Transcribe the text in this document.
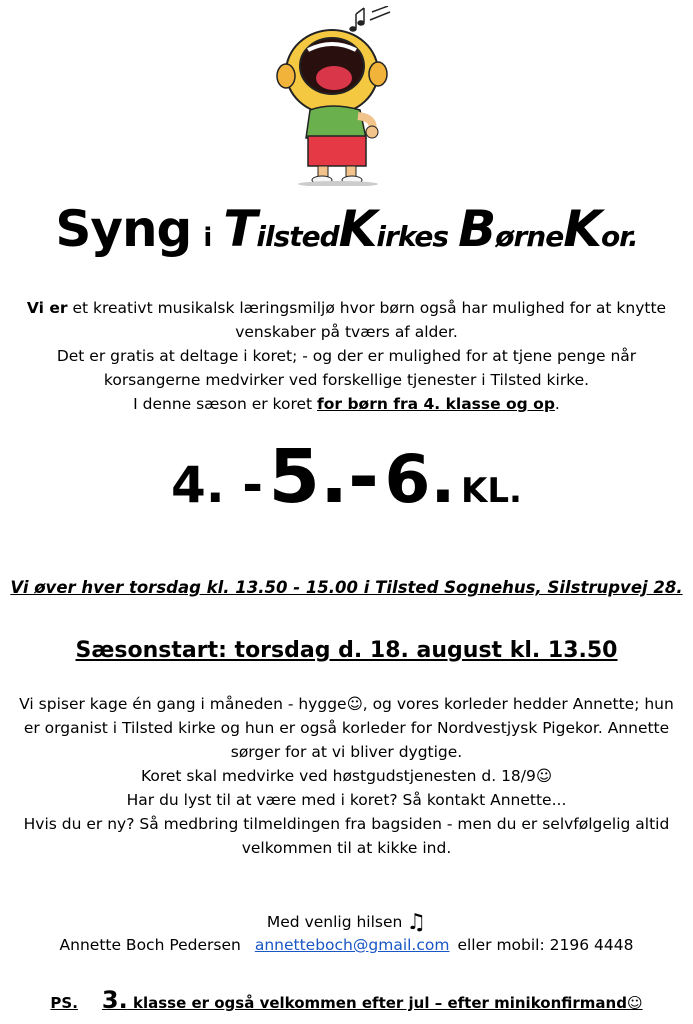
Syng i TilstedKirkes BørneKor.
Vi er et kreativt musikalsk læringsmiljø hvor børn også har mulighed for at knytte
venskaber på tværs af alder.
Det er gratis at deltage i koret; - og der er mulighed for at tjene penge når
korsangerne medvirker ved forskellige tjenester i Tilsted kirke.
I denne sæson er koret for børn fra 4. klasse og op.
4. - 5.- 6. KL.
Vi øver hver torsdag kl. 13.50 - 15.00 i Tilsted Sognehus, Silstrupvej 28.
Sæsonstart: torsdag d. 18. august kl. 13.50
Vi spiser kage én gang i måneden - hygge☺, og vores korleder hedder Annette; hun
er organist i Tilsted kirke og hun er også korleder for Nordvestjysk Pigekor. Annette
sørger for at vi bliver dygtige.
Koret skal medvirke ved høstgudstjenesten d. 18/9☺
Har du lyst til at være med i koret? Så kontakt Annette...
Hvis du er ny? Så medbring tilmeldingen fra bagsiden - men du er selvfølgelig altid
velkommen til at kikke ind.
Med venlig hilsen ♫
Annette Boch Pedersen annetteboch@gmail.com eller mobil: 2196 4448
PS. 3. klasse er også velkommen efter jul – efter minikonfirmand☺
